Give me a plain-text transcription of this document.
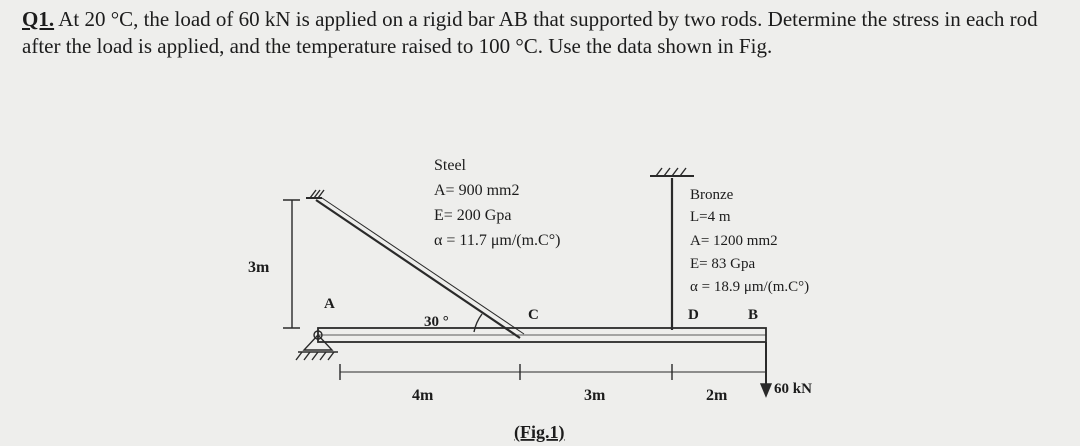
Q1. At 20 °C, the load of 60 kN is applied on a rigid bar AB that supported by two rods. Determine the stress in each rod after the load is applied, and the temperature raised to 100 °C. Use the data shown in Fig.

3m
Steel
A= 900 mm2
E= 200 Gpa
α = 11.7 μm/(m.C°)
Bronze
L=4 m
A= 1200 mm2
E= 83 Gpa
α = 18.9 μm/(m.C°)
A
30 °	C	D	B
4m	3m	2m	60 kN
(Fig.1)
